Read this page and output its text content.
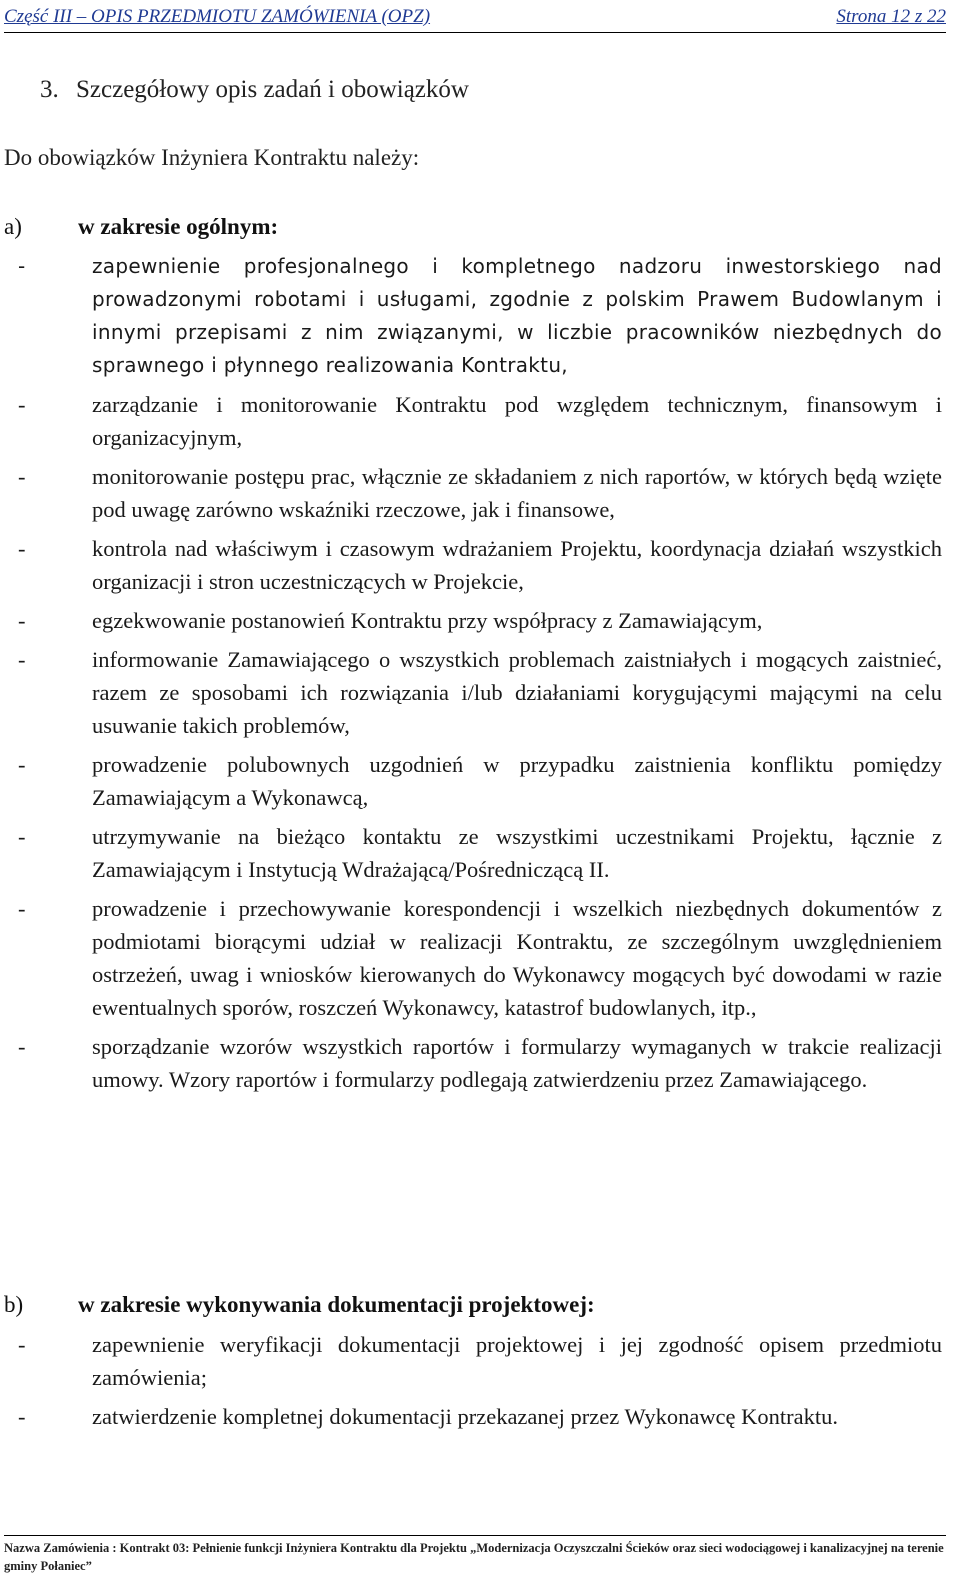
Część III – OPIS PRZEDMIOTU ZAMÓWIENIA (OPZ)	Strona 12 z 22
3. Szczegółowy opis zadań i obowiązków
Do obowiązków Inżyniera Kontraktu należy:
a) w zakresie ogólnym:
-	zapewnienie profesjonalnego i kompletnego nadzoru inwestorskiego nad prowadzonymi robotami i usługami, zgodnie z polskim Prawem Budowlanym i innymi przepisami z nim związanymi, w liczbie pracowników niezbędnych do sprawnego i płynnego realizowania Kontraktu,
-	zarządzanie i monitorowanie Kontraktu pod względem technicznym, finansowym i organizacyjnym,
-	monitorowanie postępu prac, włącznie ze składaniem z nich raportów, w których będą wzięte pod uwagę zarówno wskaźniki rzeczowe, jak i finansowe,
-	kontrola nad właściwym i czasowym wdrażaniem Projektu, koordynacja działań wszystkich organizacji i stron uczestniczących w Projekcie,
-	egzekwowanie postanowień Kontraktu przy współpracy z Zamawiającym,
-	informowanie Zamawiającego o wszystkich problemach zaistniałych i mogących zaistnieć, razem ze sposobami ich rozwiązania i/lub działaniami korygującymi mającymi na celu usuwanie takich problemów,
-	prowadzenie polubownych uzgodnień w przypadku zaistnienia konfliktu pomiędzy Zamawiającym a Wykonawcą,
-	utrzymywanie na bieżąco kontaktu ze wszystkimi uczestnikami Projektu, łącznie z Zamawiającym i Instytucją Wdrażającą/Pośredniczącą II.
-	prowadzenie i przechowywanie korespondencji i wszelkich niezbędnych dokumentów z podmiotami biorącymi udział w realizacji Kontraktu, ze szczególnym uwzględnieniem ostrzeżeń, uwag i wniosków kierowanych do Wykonawcy mogących być dowodami w razie ewentualnych sporów, roszczeń Wykonawcy, katastrof budowlanych, itp.,
-	sporządzanie wzorów wszystkich raportów i formularzy wymaganych w trakcie realizacji umowy. Wzory raportów i formularzy podlegają zatwierdzeniu przez Zamawiającego.
b) w zakresie wykonywania dokumentacji projektowej:
-	zapewnienie weryfikacji dokumentacji projektowej i jej zgodność opisem przedmiotu zamówienia;
-	zatwierdzenie kompletnej dokumentacji przekazanej przez Wykonawcę Kontraktu.
Nazwa Zamówienia : Kontrakt 03: Pełnienie funkcji Inżyniera Kontraktu dla Projektu „Modernizacja Oczyszczalni Ścieków oraz sieci wodociągowej i kanalizacyjnej na terenie gminy Połaniec”
